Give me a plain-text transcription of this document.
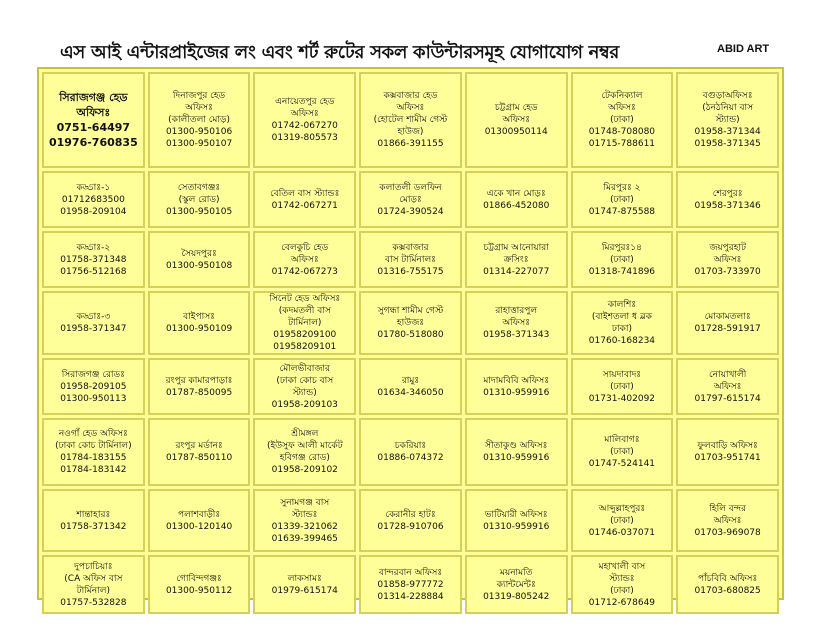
এস আই এন্টারপ্রাইজের লং এবং শর্ট রুটের সকল কাউন্টারসমূহ যোগাযোগ নম্বর	ABID ART
সিরাজগঞ্জ হেড
অফিসঃ
0751-64497
01976-760835
দিনাজপুর হেড
অফিসঃ
(কালীতলা মোড়)
01300-950106
01300-950107
এনায়েতপুর হেড
অফিসঃ
01742-067270
01319-805573
কক্সবাজার হেড
অফিসঃ
(হোটেল শামীম গেস্ট
হাউজ)
01866-391155
চট্টগ্রাম হেড
অফিসঃ
01300950114
টেকনিক্যাল
অফিসঃ
(ঢাকা)
01748-708080
01715-788611
বগুড়াঅফিসঃ
(ঠনঠনিয়া বাস
স্ট্যান্ড)
01958-371344
01958-371345
কড্ডাঃ-১
01712683500
01958-209104
সেতাবগঞ্জঃ
(স্কুল রোড)
01300-950105
বেতিল বাস স্ট্যান্ডঃ
01742-067271
কলাতলী ডলফিন
মোড়ঃ
01724-390524
একে খান মোড়ঃ
01866-452080
মিরপুরঃ ২
(ঢাকা)
01747-875588
শেরপুরঃ
01958-371346
কড্ডাঃ-২
01758-371348
01756-512168
সৈয়দপুরঃ
01300-950108
বেলকুচি হেড
অফিসঃ
01742-067273
কক্সবাজার
বাস টার্মিনালঃ
01316-755175
চট্টগ্রাম আনোয়ারা
ক্রসিংঃ
01314-227077
মিরপুরঃ১৪
(ঢাকা)
01318-741896
জয়পুরহাট
অফিসঃ
01703-733970
কড্ডাঃ-৩
01958-371347
বাইপাসঃ
01300-950109
সিনেট হেড অফিসঃ
(কদমতলী বাস
টার্মিনাল)
01958209100
01958209101
সুগন্ধা শামীম গেস্ট
হাউজঃ
01780-518080
রাহাত্তারপুল
অফিসঃ
01958-371343
কালশিঃ
(বাইশতলা ধ ব্লক
ঢাকা)
01760-168234
মোকামতলাঃ
01728-591917
সিরাজগঞ্জ রোডঃ
01958-209105
01300-950113
রংপুর কামারপাড়াঃ
01787-850095
মৌলভীবাজার
(ঢাকা কোচ বাস
স্ট্যান্ড)
01958-209103
রামুঃ
01634-346050
মাদামবিবি অফিসঃ
01310-959916
সায়দাবাদঃ
(ঢাকা)
01731-402092
নোয়াখালী
অফিসঃ
01797-615174
নওগাঁ হেড অফিসঃ
(ঢাকা কোচ টার্মিনাল)
01784-183155
01784-183142
রংপুর মর্ডানঃ
01787-850110
শ্রীমঙ্গল
(ইউসুফ আলী মার্কেট
হবিগঞ্জ রোড)
01958-209102
চকরিয়াঃ
01886-074372
সীতাকুণ্ড অফিসঃ
01310-959916
মালিবাগঃ
(ঢাকা)
01747-524141
ফুলবাড়ি অফিসঃ
01703-951741
শান্তাহারঃ
01758-371342
পলাশবাড়ীঃ
01300-120140
সুনামগঞ্জ বাস
স্ট্যান্ডঃ
01339-321062
01639-399465
কেরানীর হাটঃ
01728-910706
ভাটিয়ারী অফিসঃ
01310-959916
আব্দুল্লাহপুরঃ
(ঢাকা)
01746-037071
হিলি বন্দর
অফিসঃ
01703-969078
দুপচাচিয়াঃ
(CA অফিস বাস
টার্মিনাল)
01757-532828
গোবিন্দগঞ্জঃ
01300-950112
লাকসামঃ
01979-615174
বান্দরবান অফিসঃ
01858-977772
01314-228884
ময়নামতি
ক্যান্টমেন্টঃ
01319-805242
মহাখালী বাস
স্ট্যান্ডঃ
(ঢাকা)
01712-678649
পাঁচবিবি অফিসঃ
01703-680825
